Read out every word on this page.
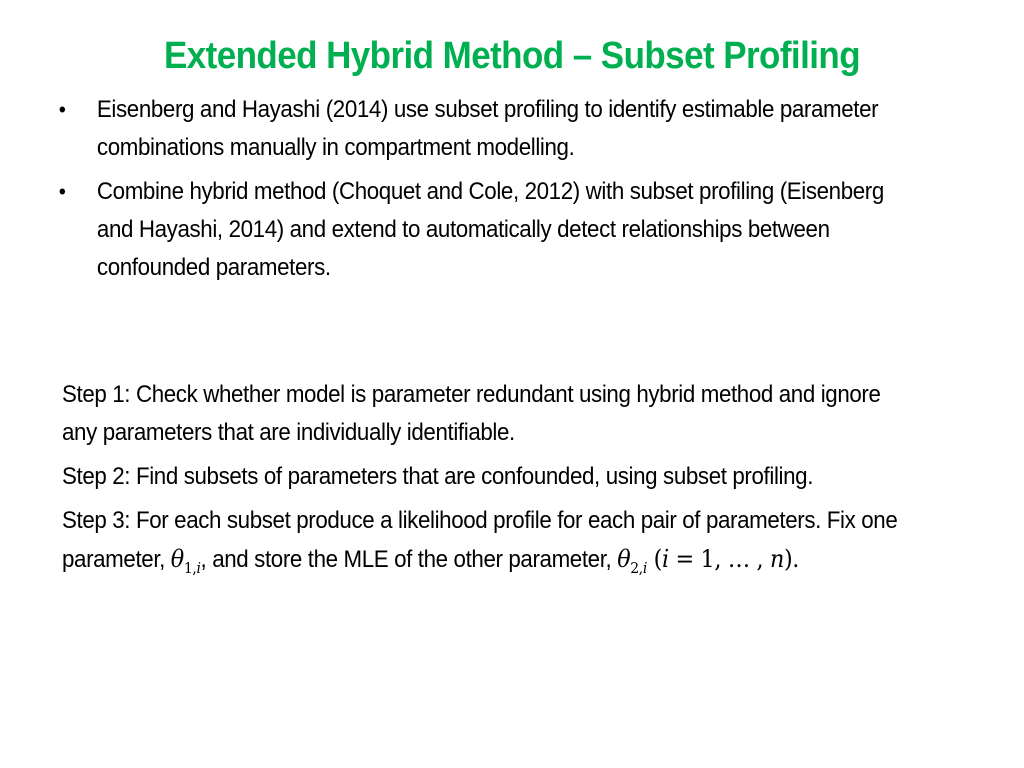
Extended Hybrid Method – Subset Profiling
• Eisenberg and Hayashi (2014) use subset profiling to identify estimable parameter combinations manually in compartment modelling.
• Combine hybrid method (Choquet and Cole, 2012) with subset profiling (Eisenberg and Hayashi, 2014) and extend to automatically detect relationships between confounded parameters.
Step 1: Check whether model is parameter redundant using hybrid method and ignore any parameters that are individually identifiable.
Step 2: Find subsets of parameters that are confounded, using subset profiling.
Step 3: For each subset produce a likelihood profile for each pair of parameters. Fix one parameter, $\theta_{1,i}$, and store the MLE of the other parameter, $\theta_{2,i}$ (i = 1, … , n).
